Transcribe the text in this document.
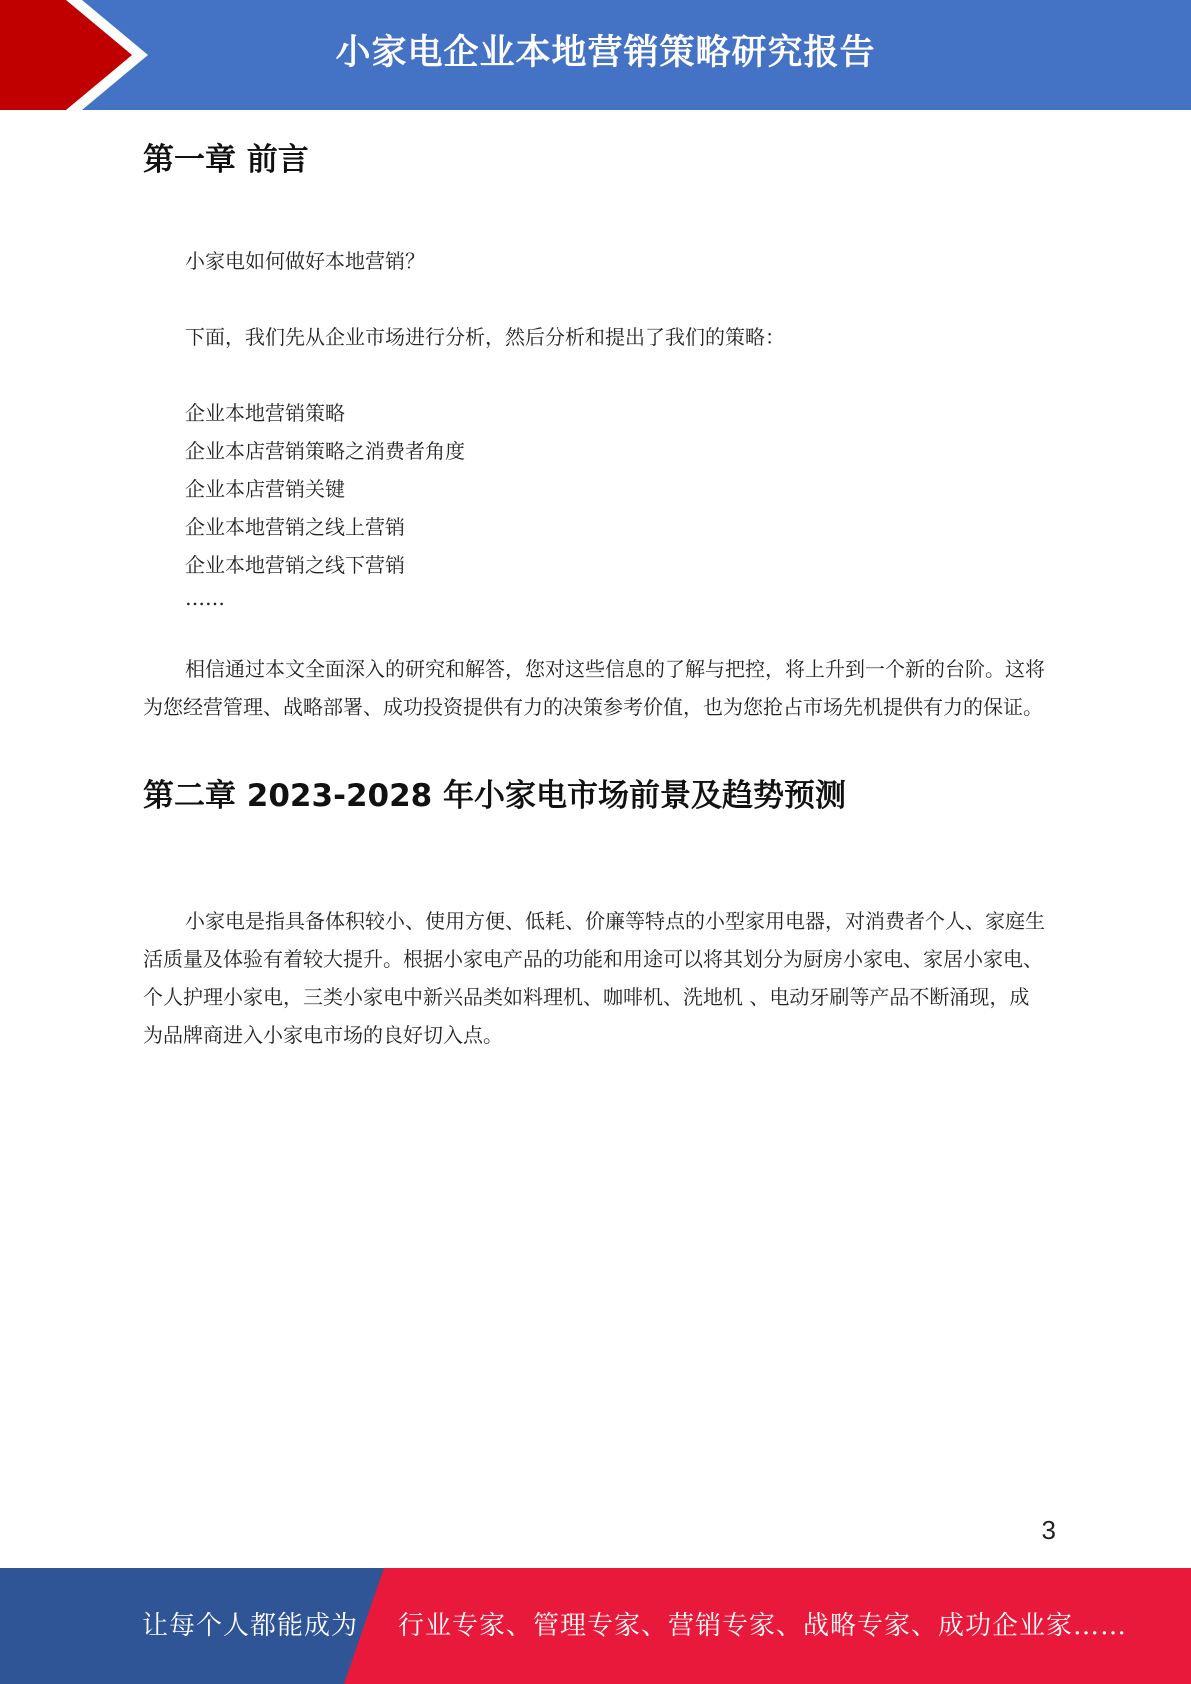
小家电企业本地营销策略研究报告
第一章 前言

小家电如何做好本地营销？

下面，我们先从企业市场进行分析，然后分析和提出了我们的策略：

企业本地营销策略
企业本店营销策略之消费者角度
企业本店营销关键
企业本地营销之线上营销
企业本地营销之线下营销
……

相信通过本文全面深入的研究和解答，您对这些信息的了解与把控，将上升到一个新的台阶。这将为您经营管理、战略部署、成功投资提供有力的决策参考价值，也为您抢占市场先机提供有力的保证。

第二章 2023-2028 年小家电市场前景及趋势预测

小家电是指具备体积较小、使用方便、低耗、价廉等特点的小型家用电器，对消费者个人、家庭生活质量及体验有着较大提升。根据小家电产品的功能和用途可以将其划分为厨房小家电、家居小家电、个人护理小家电，三类小家电中新兴品类如料理机、咖啡机、洗地机 、电动牙刷等产品不断涌现，成为品牌商进入小家电市场的良好切入点。

3
让每个人都能成为 行业专家、管理专家、营销专家、战略专家、成功企业家……
